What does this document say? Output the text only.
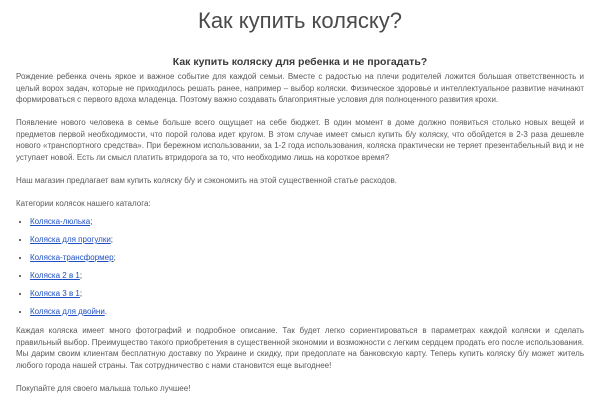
Как купить коляску?
Как купить коляску для ребенка и не прогадать?

Рождение ребенка очень яркое и важное событие для каждой семьи. Вместе с радостью на плечи родителей ложится большая ответственность и целый ворох задач, которые не приходилось решать ранее, например – выбор коляски. Физическое здоровье и интеллектуальное развитие начинают формироваться с первого вдоха младенца. Поэтому важно создавать благоприятные условия для полноценного развития крохи.

Появление нового человека в семье больше всего ощущает на себе бюджет. В один момент в доме должно появиться столько новых вещей и предметов первой необходимости, что порой голова идет кругом. В этом случае имеет смысл купить б/у коляску, что обойдется в 2-3 раза дешевле нового «транспортного средства». При бережном использовании, за 1-2 года использования, коляска практически не теряет презентабельный вид и не уступает новой. Есть ли смысл платить втридорога за то, что необходимо лишь на короткое время?

Наш магазин предлагает вам купить коляску б/у и сэкономить на этой существенной статье расходов.

Категории колясок нашего каталога:

• Коляска-люлька;
• Коляска для прогулки;
• Коляска-трансформер;
• Коляска 2 в 1;
• Коляска 3 в 1;
• Коляска для двойни.

Каждая коляска имеет много фотографий и подробное описание. Так будет легко сориентироваться в параметрах каждой коляски и сделать правильный выбор. Преимущество такого приобретения в существенной экономии и возможности с легким сердцем продать его после использования. Мы дарим своим клиентам бесплатную доставку по Украине и скидку, при предоплате на банковскую карту. Теперь купить коляску б/у может житель любого города нашей страны. Так сотрудничество с нами становится еще выгоднее!

Покупайте для своего малыша только лучшее!
